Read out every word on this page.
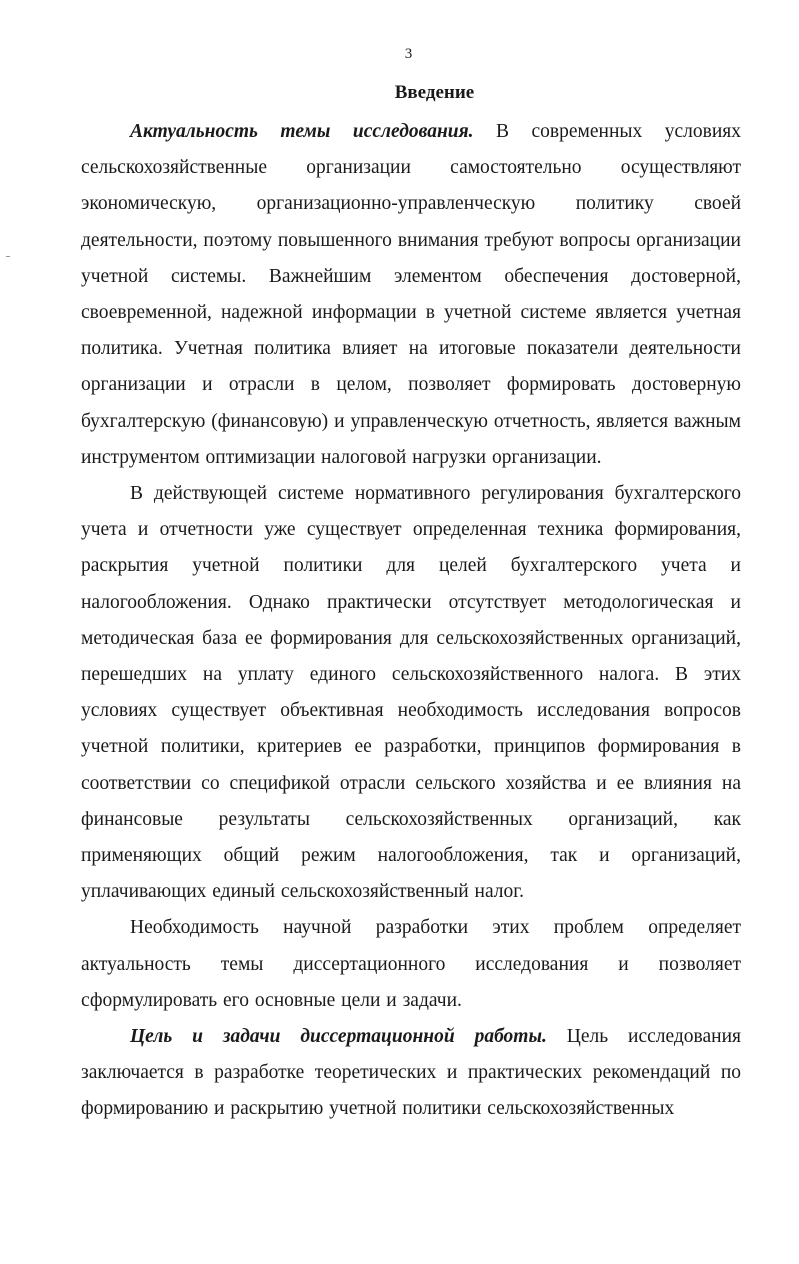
3
Введение

Актуальность темы исследования. В современных условиях сельскохозяйственные организации самостоятельно осуществляют экономическую, организационно-управленческую политику своей деятельности, поэтому повышенного внимания требуют вопросы организации учетной системы. Важнейшим элементом обеспечения достоверной, своевременной, надежной информации в учетной системе является учетная политика. Учетная политика влияет на итоговые показатели деятельности организации и отрасли в целом, позволяет формировать достоверную бухгалтерскую (финансовую) и управленческую отчетность, является важным инструментом оптимизации налоговой нагрузки организации.

В действующей системе нормативного регулирования бухгалтерского учета и отчетности уже существует определенная техника формирования, раскрытия учетной политики для целей бухгалтерского учета и налогообложения. Однако практически отсутствует методологическая и методическая база ее формирования для сельскохозяйственных организаций, перешедших на уплату единого сельскохозяйственного налога. В этих условиях существует объективная необходимость исследования вопросов учетной политики, критериев ее разработки, принципов формирования в соответствии со спецификой отрасли сельского хозяйства и ее влияния на финансовые результаты сельскохозяйственных организаций, как применяющих общий режим налогообложения, так и организаций, уплачивающих единый сельскохозяйственный налог.

Необходимость научной разработки этих проблем определяет актуальность темы диссертационного исследования и позволяет сформулировать его основные цели и задачи.

Цель и задачи диссертационной работы. Цель исследования заключается в разработке теоретических и практических рекомендаций по формированию и раскрытию учетной политики сельскохозяйственных
